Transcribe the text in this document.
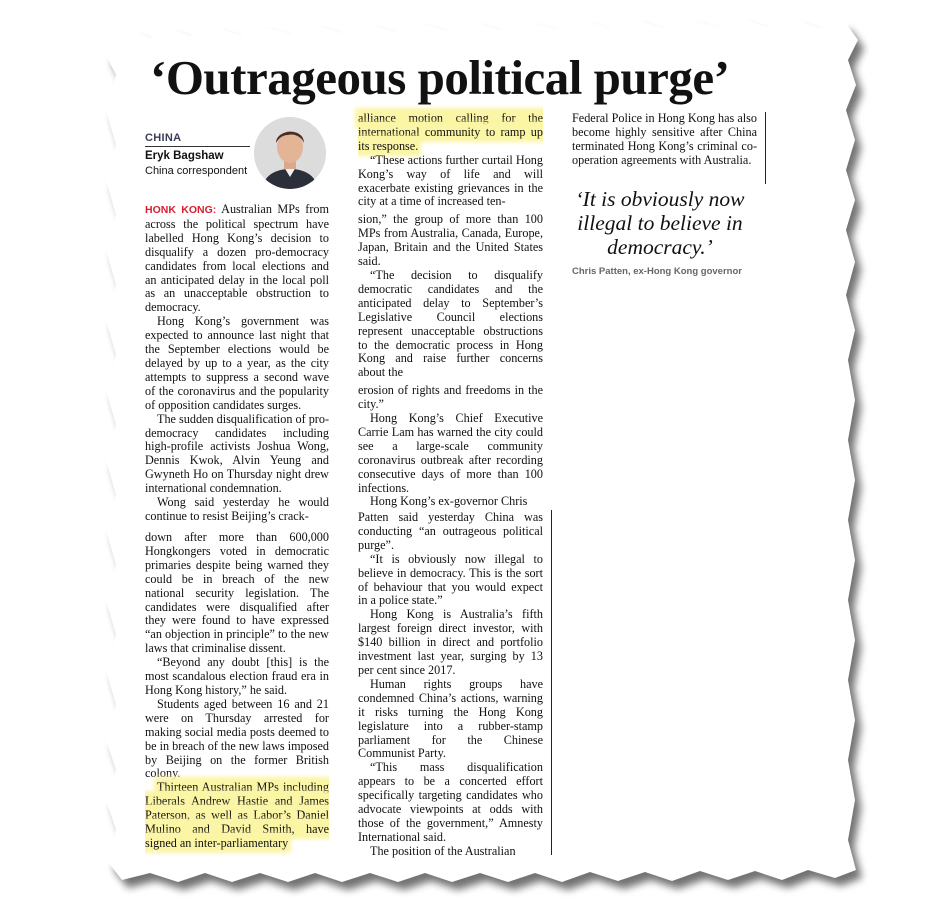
‘Outrageous political purge’
CHINA
Eryk Bagshaw
China correspondent

HONK KONG: Australian MPs from across the political spectrum have labelled Hong Kong’s decision to disqualify a dozen pro-democracy candidates from local elections and an anticipated delay in the local poll as an unacceptable obstruction to democracy.

Hong Kong’s government was expected to announce last night that the September elections would be delayed by up to a year, as the city attempts to suppress a second wave of the coronavirus and the popularity of opposition candidates surges.

The sudden disqualification of pro-democracy candidates including high-profile activists Joshua Wong, Dennis Kwok, Alvin Yeung and Gwyneth Ho on Thursday night drew international condemnation.

Wong said yesterday he would continue to resist Beijing’s crack-

down after more than 600,000 Hongkongers voted in democratic primaries despite being warned they could be in breach of the new national security legislation. The candidates were disqualified after they were found to have expressed “an objection in principle” to the new laws that criminalise dissent.

“Beyond any doubt [this] is the most scandalous election fraud era in Hong Kong history,” he said.

Students aged between 16 and 21 were on Thursday arrested for making social media posts deemed to be in breach of the new laws imposed by Beijing on the former British colony.

Thirteen Australian MPs including Liberals Andrew Hastie and James Paterson, as well as Labor’s Daniel Mulino and David Smith, have signed an inter-parliamentary

alliance motion calling for the international community to ramp up its response.

“These actions further curtail Hong Kong’s way of life and will exacerbate existing grievances in the city at a time of increased ten-

sion,” the group of more than 100 MPs from Australia, Canada, Europe, Japan, Britain and the United States said.

“The decision to disqualify democratic candidates and the anticipated delay to September’s Legislative Council elections represent unacceptable obstructions to the democratic process in Hong Kong and raise further concerns about the

erosion of rights and freedoms in the city.”

Hong Kong’s Chief Executive Carrie Lam has warned the city could see a large-scale community coronavirus outbreak after recording consecutive days of more than 100 infections.

Hong Kong’s ex-governor Chris

Patten said yesterday China was conducting “an outrageous political purge”.

“It is obviously now illegal to believe in democracy. This is the sort of behaviour that you would expect in a police state.”

Hong Kong is Australia’s fifth largest foreign direct investor, with $140 billion in direct and portfolio investment last year, surging by 13 per cent since 2017.

Human rights groups have condemned China’s actions, warning it risks turning the Hong Kong legislature into a rubber-stamp parliament for the Chinese Communist Party.

“This mass disqualification appears to be a concerted effort specifically targeting candidates who advocate viewpoints at odds with those of the government,” Amnesty International said.

The position of the Australian

Federal Police in Hong Kong has also become highly sensitive after China terminated Hong Kong’s criminal co-operation agreements with Australia.

‘It is obviously now illegal to believe in democracy.’
Chris Patten, ex-Hong Kong governor
